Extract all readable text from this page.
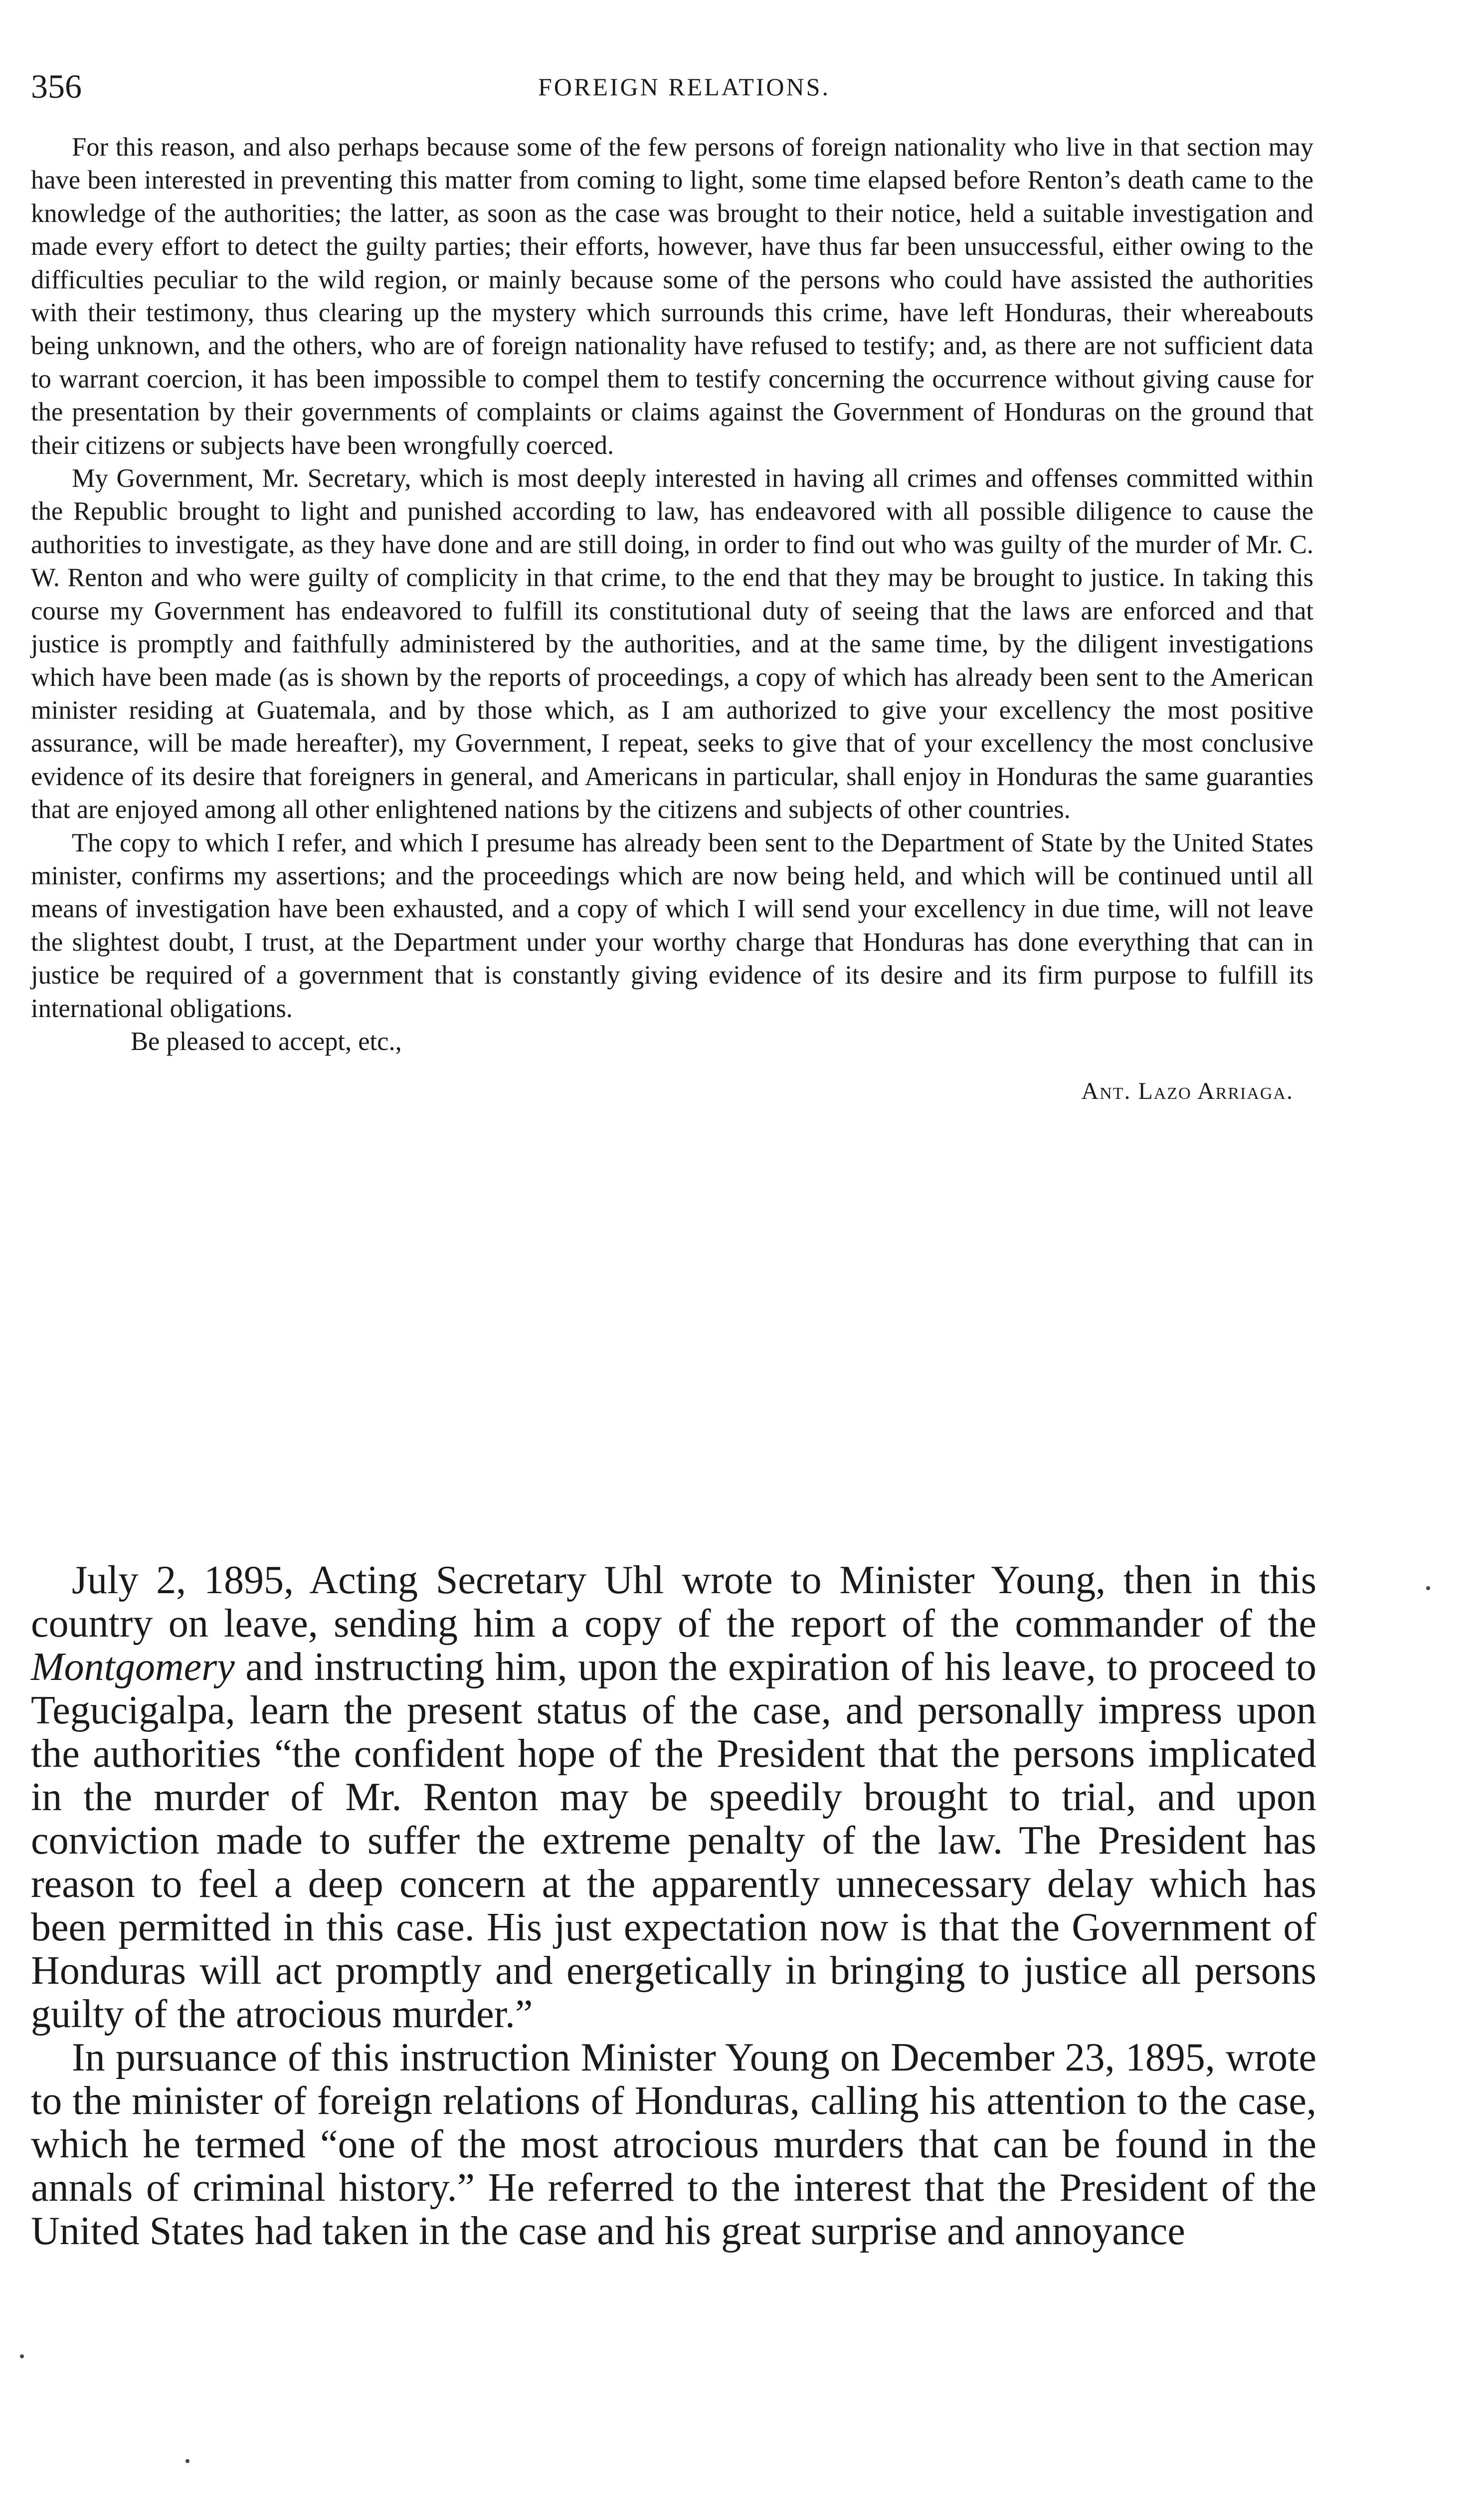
356	FOREIGN RELATIONS.

For this reason, and also perhaps because some of the few persons of foreign nationality who live in that section may have been interested in preventing this matter from coming to light, some time elapsed before Renton’s death came to the knowledge of the authorities; the latter, as soon as the case was brought to their notice, held a suitable investigation and made every effort to detect the guilty parties; their efforts, however, have thus far been unsuccessful, either owing to the difficulties peculiar to the wild region, or mainly because some of the persons who could have assisted the authorities with their testimony, thus clearing up the mystery which surrounds this crime, have left Honduras, their whereabouts being unknown, and the others, who are of foreign nationality have refused to testify; and, as there are not sufficient data to warrant coercion, it has been impossible to compel them to testify concerning the occurrence without giving cause for the presentation by their governments of complaints or claims against the Government of Honduras on the ground that their citizens or subjects have been wrongfully coerced.

My Government, Mr. Secretary, which is most deeply interested in having all crimes and offenses committed within the Republic brought to light and punished according to law, has endeavored with all possible diligence to cause the authorities to investigate, as they have done and are still doing, in order to find out who was guilty of the murder of Mr. C. W. Renton and who were guilty of complicity in that crime, to the end that they may be brought to justice. In taking this course my Government has endeavored to fulfill its constitutional duty of seeing that the laws are enforced and that justice is promptly and faithfully administered by the authorities, and at the same time, by the diligent investigations which have been made (as is shown by the reports of proceedings, a copy of which has already been sent to the American minister residing at Guatemala, and by those which, as I am authorized to give your excellency the most positive assurance, will be made hereafter), my Government, I repeat, seeks to give that of your excellency the most conclusive evidence of its desire that foreigners in general, and Americans in particular, shall enjoy in Honduras the same guaranties that are enjoyed among all other enlightened nations by the citizens and subjects of other countries.

The copy to which I refer, and which I presume has already been sent to the Department of State by the United States minister, confirms my assertions; and the proceedings which are now being held, and which will be continued until all means of investigation have been exhausted, and a copy of which I will send your excellency in due time, will not leave the slightest doubt, I trust, at the Department under your worthy charge that Honduras has done everything that can in justice be required of a government that is constantly giving evidence of its desire and its firm purpose to fulfill its international obligations.

Be pleased to accept, etc.,

Ant. Lazo Arriaga.

July 2, 1895, Acting Secretary Uhl wrote to Minister Young, then in this country on leave, sending him a copy of the report of the commander of the Montgomery and instructing him, upon the expiration of his leave, to proceed to Tegucigalpa, learn the present status of the case, and personally impress upon the authorities “the confident hope of the President that the persons implicated in the murder of Mr. Renton may be speedily brought to trial, and upon conviction made to suffer the extreme penalty of the law. The President has reason to feel a deep concern at the apparently unnecessary delay which has been permitted in this case. His just expectation now is that the Government of Honduras will act promptly and energetically in bringing to justice all persons guilty of the atrocious murder.”

In pursuance of this instruction Minister Young on December 23, 1895, wrote to the minister of foreign relations of Honduras, calling his attention to the case, which he termed “one of the most atrocious murders that can be found in the annals of criminal history.” He referred to the interest that the President of the United States had taken in the case and his great surprise and annoyance
